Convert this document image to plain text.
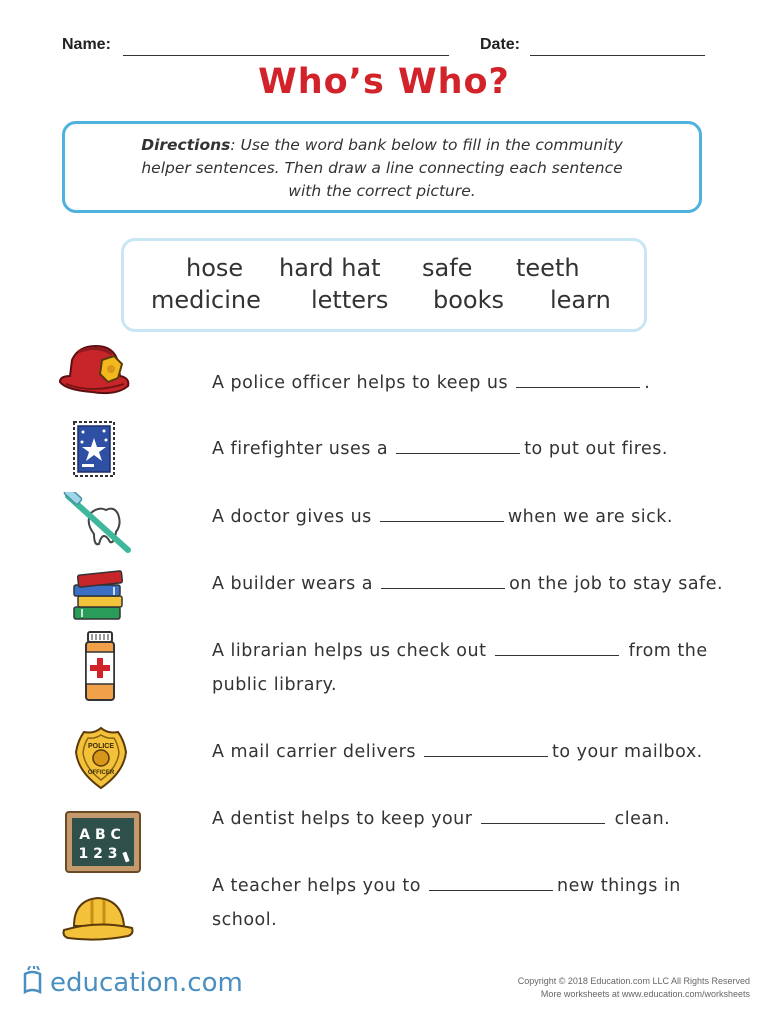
Name:	Date:
Who’s Who?
Directions: Use the word bank below to fill in the community
helper sentences. Then draw a line connecting each sentence
with the correct picture.
hose hard hat safe teeth
medicine letters books learn
A police officer helps to keep us	.
A firefighter uses a	to put out fires.
A doctor gives us	when we are sick.
A builder wears a	on the job to stay safe.
A librarian helps us check out	from the
public library.
A mail carrier delivers	to your mailbox.
A dentist helps to keep your	clean.
A teacher helps you to	new things in
school.
POLICE
OFFICER
A B C
1 2 3
education.com	Copyright © 2018 Education.com LLC All Rights Reserved
More worksheets at www.education.com/worksheets
